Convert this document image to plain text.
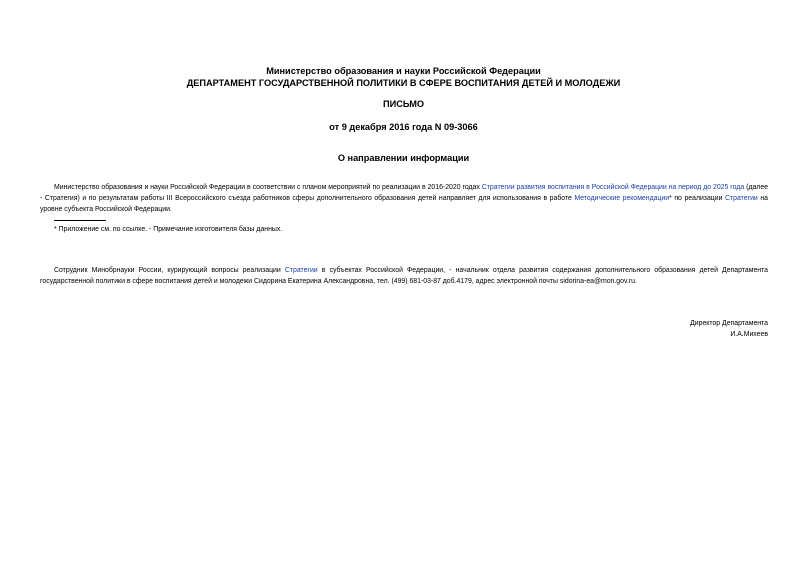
Министерство образования и науки Российской Федерации
ДЕПАРТАМЕНТ ГОСУДАРСТВЕННОЙ ПОЛИТИКИ В СФЕРЕ ВОСПИТАНИЯ ДЕТЕЙ И МОЛОДЕЖИ
ПИСЬМО
от 9 декабря 2016 года N 09-3066
О направлении информации
Министерство образования и науки Российской Федерации в соответствии с планом мероприятий по реализации в 2016-2020 годах Стратегии развития воспитания в Российской Федерации на период до 2025 года (далее - Стратегия) и по результатам работы III Всероссийского съезда работников сферы дополнительного образования детей направляет для использования в работе Методические рекомендации* по реализации Стратегии на уровне субъекта Российской Федерации.
* Приложение см. по ссылке. - Примечание изготовителя базы данных.
Сотрудник Минобрнауки России, курирующий вопросы реализации Стратегии в субъектах Российской Федерации, - начальник отдела развития содержания дополнительного образования детей Департамента государственной политики в сфере воспитания детей и молодежи Сидорина Екатерина Александровна, тел. (499) 681-03-87 доб.4179, адрес электронной почты sidorina-ea@mon.gov.ru.
Директор Департамента
И.А.Михеев
